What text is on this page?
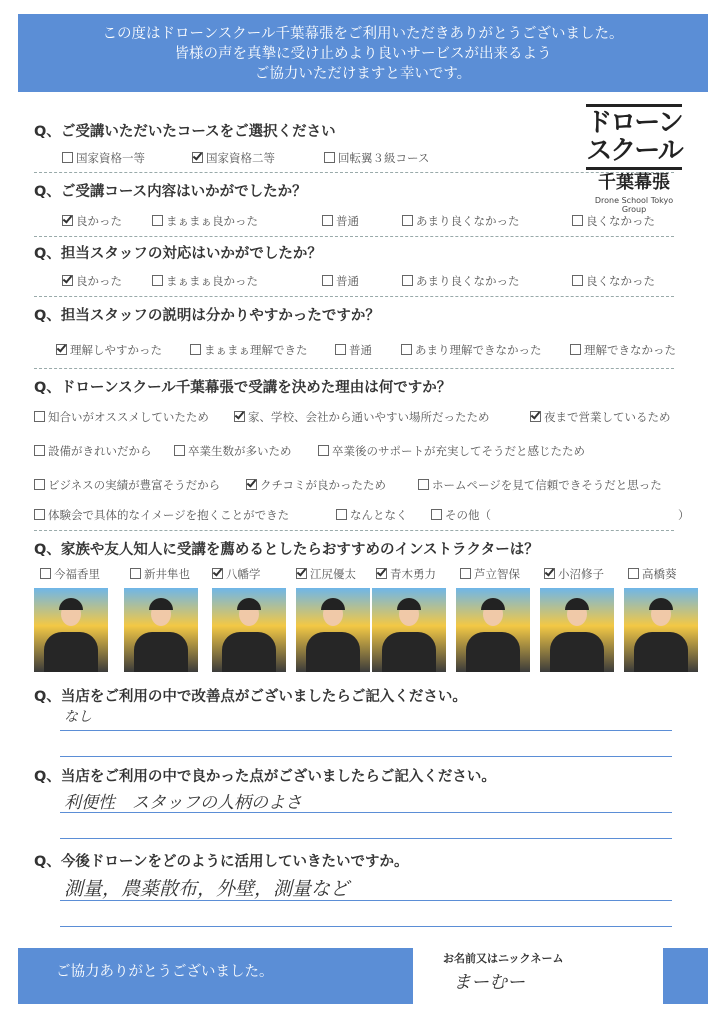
この度はドローンスクール千葉幕張をご利用いただきありがとうございました。
皆様の声を真摯に受け止めより良いサービスが出来るよう
ご協力いただけますと幸いです。
ドローン
スクール
千葉幕張
Drone School Tokyo Group
Q、ご受講いただいたコースをご選択ください
国家資格一等	国家資格二等	回転翼３級コース
Q、ご受講コース内容はいかがでしたか？
良かった	まぁまぁ良かった	普通	あまり良くなかった	良くなかった
Q、担当スタッフの対応はいかがでしたか？
良かった	まぁまぁ良かった	普通	あまり良くなかった	良くなかった
Q、担当スタッフの説明は分かりやすかったですか？
理解しやすかった	まぁまぁ理解できた	普通	あまり理解できなかった	理解できなかった
Q、ドローンスクール千葉幕張で受講を決めた理由は何ですか？
知合いがオススメしていたため	家、学校、会社から通いやすい場所だったため	夜まで営業しているため
設備がきれいだから	卒業生数が多いため	卒業後のサポートが充実してそうだと感じたため
ビジネスの実績が豊富そうだから	クチコミが良かったため	ホームページを見て信頼できそうだと思った
体験会で具体的なイメージを抱くことができた	なんとなく	その他（	）
Q、家族や友人知人に受講を薦めるとしたらおすすめのインストラクターは？
今福香里	新井隼也	八幡学	江尻優太	青木勇力	芦立智保	小沼修子	高橋葵
Q、当店をご利用の中で改善点がございましたらご記入ください。
なし
Q、当店をご利用の中で良かった点がございましたらご記入ください。
利便性　スタッフの人柄のよさ
Q、今後ドローンをどのように活用していきたいですか。
測量，農薬散布，外壁，測量など
ご協力ありがとうございました。
お名前又はニックネーム
まーむー
